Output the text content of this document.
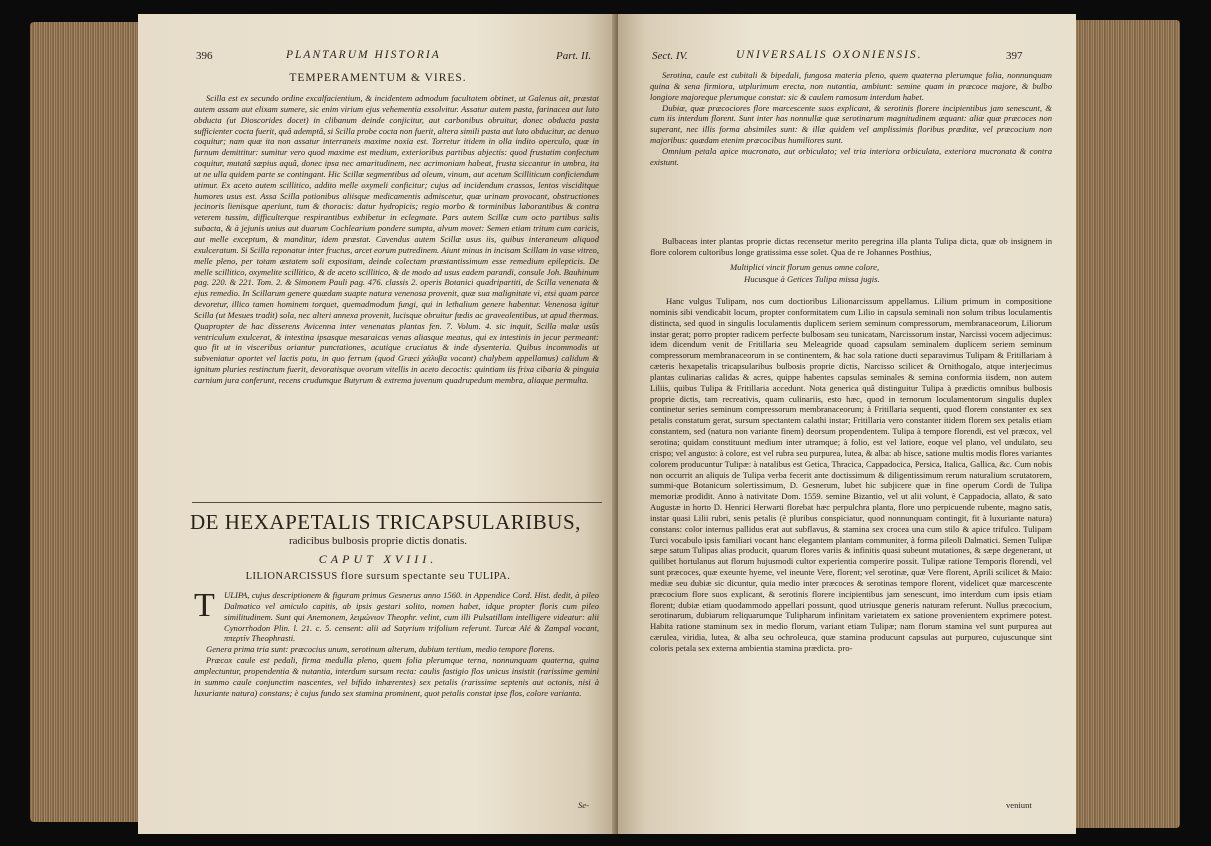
396	PLANTARUM HISTORIA	Part. II.
TEMPERAMENTUM & VIRES.

Scilla est ex secundo ordine excalfacientium, & incidentem admodum facultatem obtinet, ut Galenus ait, præstat autem assam aut elixam sumere, sic enim virium ejus vehementia exsolvitur. Assatur autem pasta, farinacea aut luto obducta (ut Dioscorides docet) in clibanum deinde conjicitur, aut carbonibus obruitur, donec obducta pasta sufficienter cocta fuerit, quâ ademptâ, si Scilla probe cocta non fuerit, altera simili pasta aut luto obducitur, ac denuo coquitur; nam quæ ita non assatur interraneis maxime noxia est. Torretur itidem in olla indito operculo, quæ in furnum demittitur: sumitur vero quod maxime est medium, exterioribus partibus abjectis: quod frustatim confectum coquitur, mutatâ sæpius aquâ, donec ipsa nec amaritudinem, nec acrimoniam habeat, frusta siccantur in umbra, ita ut ne ulla quidem parte se contingant. Hic Scillæ segmentibus ad oleum, vinum, aut acetum Scilliticum conficiendum utimur. Ex aceto autem scillitico, addito melle oxymeli conficitur; cujus ad incidendum crassos, lentos visciditque humores usus est. Assa Scilla potionibus aliisque medicamentis admiscetur, quæ urinam provocant, obstructiones jecinoris lienisque aperiunt, tum & thoracis: datur hydropicis; regio morbo & torminibus laborantibus & contra veterem tussim, difficulterque respirantibus exhibetur in eclegmate. Pars autem Scillæ cum octo partibus salis subacta, & à jejunis unius aut duarum Cochlearium pondere sumpta, alvum movet: Semen etiam tritum cum caricis, aut melle exceptum, & manditur, idem præstat. Cavendus autem Scillæ usus iis, quibus interaneum aliquod exulceratum. Si Scilla reponatur inter fructus, arcet eorum putredinem. Aiunt minus in incisam Scillam in vase vitreo, melle pleno, per totam æstatem soli expositam, deinde colectam præstantissimum esse remedium epilepticis. De melle scillitico, oxymelite scillitico, & de aceto scillitico, & de modo ad usus eadem parandi, consule Joh. Bauhinum pag. 220. & 221. Tom. 2. & Simonem Pauli pag. 476. classis 2. operis Botanici quadripartiti, de Scilla venenata & ejus remedio. In Scillarum genere quædam suapte natura venenosa provenit, quæ sua malignitate vi, etsi quam parce devoretur, illico tamen hominem torquet, quemadmodum fungi, qui in lethalium genere habentur. Venenosa igitur Scilla (ut Mesues tradit) sola, nec alteri annexa provenit, lucisque obruitur fœdis ac graveolentibus, ut apud thermas. Quapropter de hac disserens Avicenna inter venenatas plantas fen. 7. Volum. 4. sic inquit, Scilla malæ usûs ventriculum exulcerat, & intestina ipsasque mesaraicas venas aliasque meatus, qui ex intestinis in jecur permeant: quo fit ut in visceribus oriantur punctationes, acutique cruciatus & inde dysenteria. Quibus incommodis ut subveniatur oportet vel lactis potu, in quo ferrum (quod Græci χάλυβα vocant) chalybem appellamus) calidum & ignitum pluries restinctum fuerit, devoratisque ovorum vitellis in aceto decoctis: quintiam iis frixa cibaria & pinguia carnium jura conferunt, recens crudumque Butyrum & extrema juvenum quadrupedum membra, aliaque permulta.

DE HEXAPETALIS TRICAPSULARIBUS,
radicibus bulbosis proprie dictis donatis.
CAPUT XVIII.
LILIONARCISSUS flore sursum spectante seu TULIPA.
T	ULIPA, cujus descriptionem & figuram primus Gesnerus anno 1560. in Appendice Cord. Hist. dedit, à pileo Dalmatico vel amiculo capitis, ab ipsis gestari solito, nomen habet, idque propter floris cum pileo similitudinem. Sunt qui Anemonem, λειμώνιον Theophr. velint, cum illi Pulsatillam intelligere videatur: alii Cynorrhodon Plin. l. 21. c. 5. censent: alii ad Satyrium trifolium referunt. Turcæ Alé & Zampal vocant, ππερτίν Theophrasti.

Genera prima tria sunt: præcocius unum, serotinum alterum, dubium tertium, medio tempore florens.

Præcox caule est pedali, firma medulla pleno, quem folia plerumque terna, nonnunquam quaterna, quina amplectuntur, propendentia & nutantia, interdum sursum recta: caulis fastigio flos unicus insistit (rarissime gemini in summo caule conjunctim nascentes, vel bifido inhærentes) sex petalis (rarissime septenis aut octonis, nisi à luxuriante natura) constans; è cujus fundo sex stamina prominent, quot petalis constat ipse flos, colore varianta.

Se-
Sect. IV.	UNIVERSALIS OXONIENSIS.	397

Serotina, caule est cubitali & bipedali, fungosa materia pleno, quem quaterna plerumque folia, nonnunquam quina & sena firmiora, utplurimum erecta, non nutantia, ambiunt: semine quam in præcoce majore, & bulbo longiore majoreque plerumque constat: sic & caulem ramosum interdum habet.

Dubiæ, quæ præcociores flore marcescente suos explicant, & serotinis florere incipientibus jam senescunt, & cum iis interdum florent. Sunt inter has nonnullæ quæ serotinarum magnitudinem æquant: aliæ quæ præcoces non superant, nec illis forma absimiles sunt: & illæ quidem vel amplissimis floribus præditæ, vel præcocium non majoribus: quædam etenim præcocibus humiliores sunt.

Omnium petala apice mucronato, aut orbiculato; vel tria interiora orbiculata, exteriora mucronata & contra existunt.

Bulbaceas inter plantas proprie dictas recensetur merito peregrina illa planta Tulipa dicta, quæ ob insignem in flore colorem cultoribus longe gratissima esse solet. Qua de re Johannes Posthius,

Multiplici vincit florum genus omne colore,
Hucusque à Getices Tulipa missa jugis.

Hanc vulgus Tulipam, nos cum doctioribus Lilionarcissum appellamus. Lilium primum in compositione nominis sibi vendicabit locum, propter conformitatem cum Lilio in capsula seminali non solum tribus loculamentis distincta, sed quod in singulis loculamentis duplicem seriem seminum compressorum, membranaceorum, Liliorum instar gerat; porro propter radicem perfecte bulbosam seu tunicatam, Narcissorum instar, Narcissi vocem adjecimus: idem dicendum venit de Fritillaria seu Meleagride quoad capsulam seminalem duplicem seriem seminum compressorum membranaceorum in se continentem, & hac sola ratione ducti separavimus Tulipam & Fritillariam à cæteris hexapetalis tricapsularibus bulbosis proprie dictis, Narcisso scilicet & Ornithogalo, atque interjecimus plantas culinarias calidas & acres, quippe habentes capsulas seminales & semina conformia iisdem, non autem Liliis, quibus Tulipa & Fritillaria accedunt. Nota generica quâ distinguitur Tulipa à prædictis omnibus bulbosis proprie dictis, tam recreativis, quam culinariis, esto hæc, quod in ternorum loculamentorum singulis duplex continetur series seminum compressorum membranaceorum; à Fritillaria sequenti, quod florem constanter ex sex petalis constatum gerat, sursum spectantem calathi instar; Fritillaria vero constanter itidem florem sex petalis etiam constantem, sed (natura non variante finem) deorsum propendentem. Tulipa à tempore florendi, est vel præcox, vel serotina; quidam constituunt medium inter utramque; à folio, est vel latiore, eoque vel plano, vel undulato, seu crispo; vel angusto: à colore, est vel rubra seu purpurea, lutea, & alba: ab hisce, satione multis modis flores variantes colorem producuntur Tulipæ: à natalibus est Getica, Thracica, Cappadocica, Persica, Italica, Gallica, &c. Cum nobis non occurrit an aliquis de Tulipa verba fecerit ante doctissimum & diligentissimum rerum naturalium scrutatorem, summi-que Botanicum solertissimum, D. Gesnerum, lubet hic subjicere quæ in fine operum Cordi de Tulipa memoriæ prodidit. Anno à nativitate Dom. 1559. semine Bizantio, vel ut alii volunt, è Cappadocia, allato, & sato Augustæ in horto D. Henrici Herwarti florebat hæc perpulchra planta, flore uno perpicuende rubente, magno satis, instar quasi Lilii rubri, senis petalis (è pluribus conspiciatur, quod nonnunquam contingit, fit à luxuriante natura) constans: color internus pallidus erat aut subflavus, & stamina sex crocea una cum stilo & apice trifulco. Tulipam Turci vocabulo ipsis familiari vocant hanc elegantem plantam communiter, à forma pileoli Dalmatici. Semen Tulipæ sæpe satum Tulipas alias producit, quarum flores variis & infinitis quasi subeunt mutationes, & sæpe degenerant, ut quilibet hortulanus aut florum hujusmodi cultor experientia comperire possit. Tulipæ ratione Temporis florendi, vel sunt præcoces, quæ exeunte hyeme, vel ineunte Vere, florent; vel serotinæ, quæ Vere florent, Aprili scilicet & Maio: mediæ seu dubiæ sic dicuntur, quia medio inter præcoces & serotinas tempore florent, videlicet quæ marcescente præcocium flore suos explicant, & serotinis florere incipientibus jam senescunt, imo interdum cum ipsis etiam florent; dubiæ etiam quodammodo appellari possunt, quod utriusque generis naturam referunt. Nullus præcocium, serotinarum, dubiarum reliquarumque Tulipharum infinitam varietatem ex satione provenientem exprimere potest. Habita ratione staminum sex in medio florum, variant etiam Tulipæ; nam florum stamina vel sunt purpurea aut cærulea, viridia, lutea, & alba seu ochroleuca, quæ stamina producunt capsulas aut purpureo, cujuscunque sint coloris petala sex externa ambientia stamina prædicta. pro-

veniunt
